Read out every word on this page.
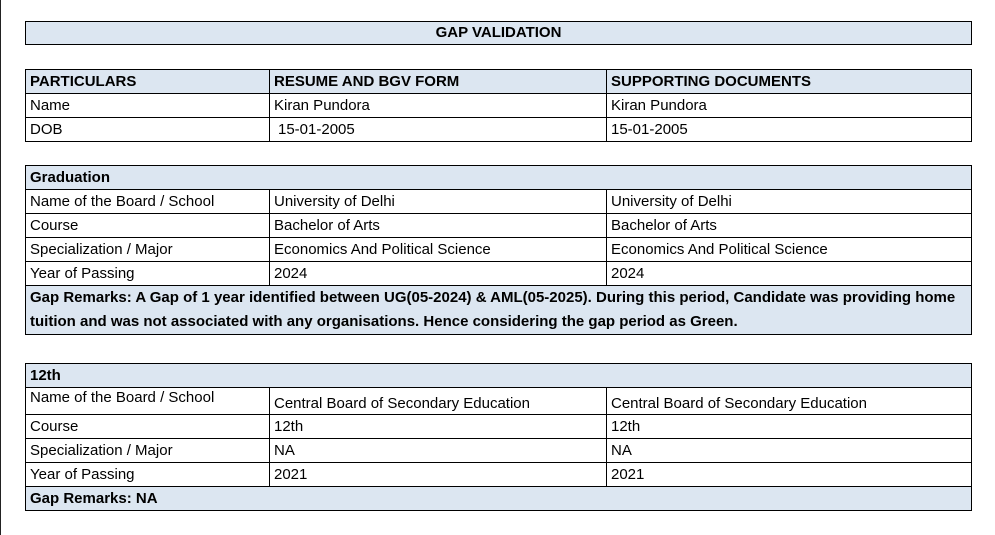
GAP VALIDATION
PARTICULARS	RESUME AND BGV FORM	SUPPORTING DOCUMENTS
Name	Kiran Pundora	Kiran Pundora
DOB	15-01-2005	15-01-2005
Graduation		
Name of the Board / School	University of Delhi	University of Delhi
Course	Bachelor of Arts	Bachelor of Arts
Specialization / Major	Economics And Political Science	Economics And Political Science
Year of Passing	2024	2024
Gap Remarks: A Gap of 1 year identified between UG(05-2024) & AML(05-2025). During this period, Candidate was providing home tuition and was not associated with any organisations. Hence considering the gap period as Green.		
12th		
Name of the Board / School	Central Board of Secondary Education	Central Board of Secondary Education
Course	12th	12th
Specialization / Major	NA	NA
Year of Passing	2021	2021
Gap Remarks: NA		
